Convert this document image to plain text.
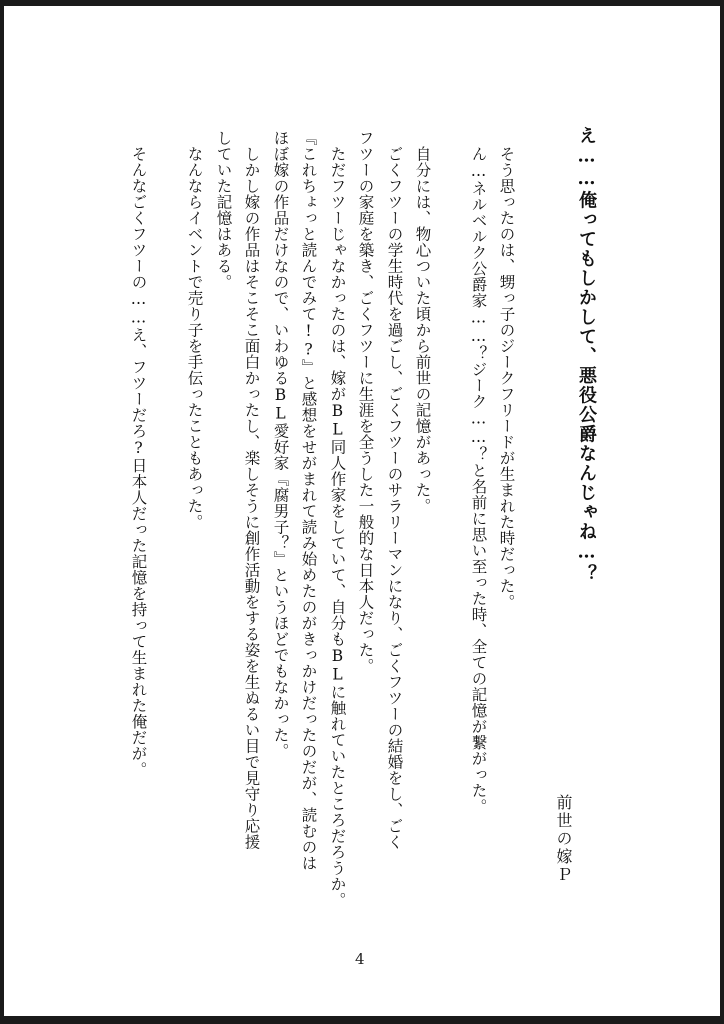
え……俺ってもしかして、悪役公爵なんじゃね…？
前世の嫁Ｐ
そう思ったのは、甥っ子のジークフリードが生まれた時だった。
ん…ネルベルク公爵家……？ジーク……？と名前に思い至った時、全ての記憶が繋がった。
自分には、物心ついた頃から前世の記憶があった。
ごくフツーの学生時代を過ごし、ごくフツーのサラリーマンになり、ごくフツーの結婚をし、ごく
フツーの家庭を築き、ごくフツーに生涯を全うした一般的な日本人だった。
ただフツーじゃなかったのは、嫁がBL同人作家をしていて、自分もBLに触れていたところだろうか。
『これちょっと読んでみて!?』と感想をせがまれて読み始めたのがきっかけだったのだが、読むのは
ほぼ嫁の作品だけなので、いわゆるBL愛好家『腐男子？』というほどでもなかった。
しかし嫁の作品はそこそこ面白かったし、楽しそうに創作活動をする姿を生ぬるい目で見守り応援
していた記憶はある。
なんならイベントで売り子を手伝ったこともあった。
そんなごくフツーの……え、フツーだろ?日本人だった記憶を持って生まれた俺だが。
4
